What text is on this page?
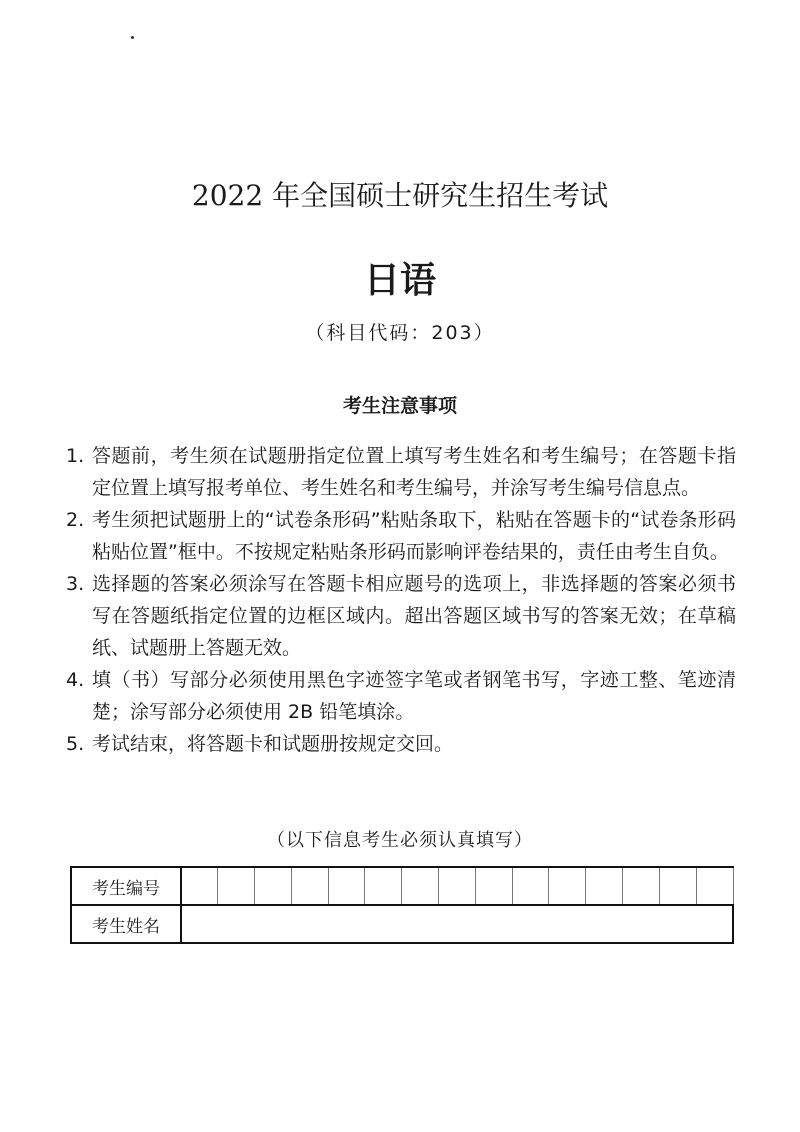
2022 年全国硕士研究生招生考试
日语
（科目代码：203）
考生注意事项
1. 答题前，考生须在试题册指定位置上填写考生姓名和考生编号；在答题卡指定位置上填写报考单位、考生姓名和考生编号，并涂写考生编号信息点。
2. 考生须把试题册上的“试卷条形码”粘贴条取下，粘贴在答题卡的“试卷条形码粘贴位置”框中。不按规定粘贴条形码而影响评卷结果的，责任由考生自负。
3. 选择题的答案必须涂写在答题卡相应题号的选项上，非选择题的答案必须书写在答题纸指定位置的边框区域内。超出答题区域书写的答案无效；在草稿纸、试题册上答题无效。
4. 填（书）写部分必须使用黑色字迹签字笔或者钢笔书写，字迹工整、笔迹清楚；涂写部分必须使用 2B 铅笔填涂。
5. 考试结束，将答题卡和试题册按规定交回。
（以下信息考生必须认真填写）
考生编号															
考生姓名															
